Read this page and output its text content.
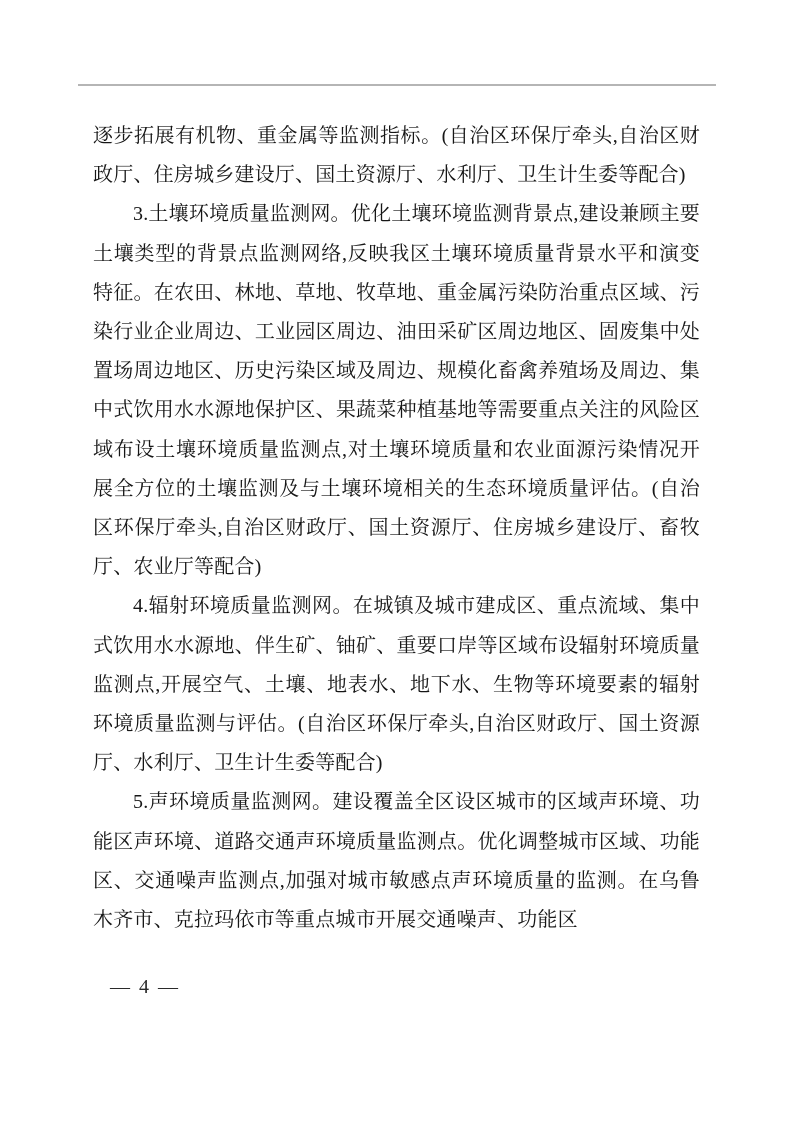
逐步拓展有机物、重金属等监测指标。(自治区环保厅牵头,自治区财政厅、住房城乡建设厅、国土资源厅、水利厅、卫生计生委等配合)

3.土壤环境质量监测网。优化土壤环境监测背景点,建设兼顾主要土壤类型的背景点监测网络,反映我区土壤环境质量背景水平和演变特征。在农田、林地、草地、牧草地、重金属污染防治重点区域、污染行业企业周边、工业园区周边、油田采矿区周边地区、固废集中处置场周边地区、历史污染区域及周边、规模化畜禽养殖场及周边、集中式饮用水水源地保护区、果蔬菜种植基地等需要重点关注的风险区域布设土壤环境质量监测点,对土壤环境质量和农业面源污染情况开展全方位的土壤监测及与土壤环境相关的生态环境质量评估。(自治区环保厅牵头,自治区财政厅、国土资源厅、住房城乡建设厅、畜牧厅、农业厅等配合)

4.辐射环境质量监测网。在城镇及城市建成区、重点流域、集中式饮用水水源地、伴生矿、铀矿、重要口岸等区域布设辐射环境质量监测点,开展空气、土壤、地表水、地下水、生物等环境要素的辐射环境质量监测与评估。(自治区环保厅牵头,自治区财政厅、国土资源厅、水利厅、卫生计生委等配合)

5.声环境质量监测网。建设覆盖全区设区城市的区域声环境、功能区声环境、道路交通声环境质量监测点。优化调整城市区域、功能区、交通噪声监测点,加强对城市敏感点声环境质量的监测。在乌鲁木齐市、克拉玛依市等重点城市开展交通噪声、功能区

— 4 —
